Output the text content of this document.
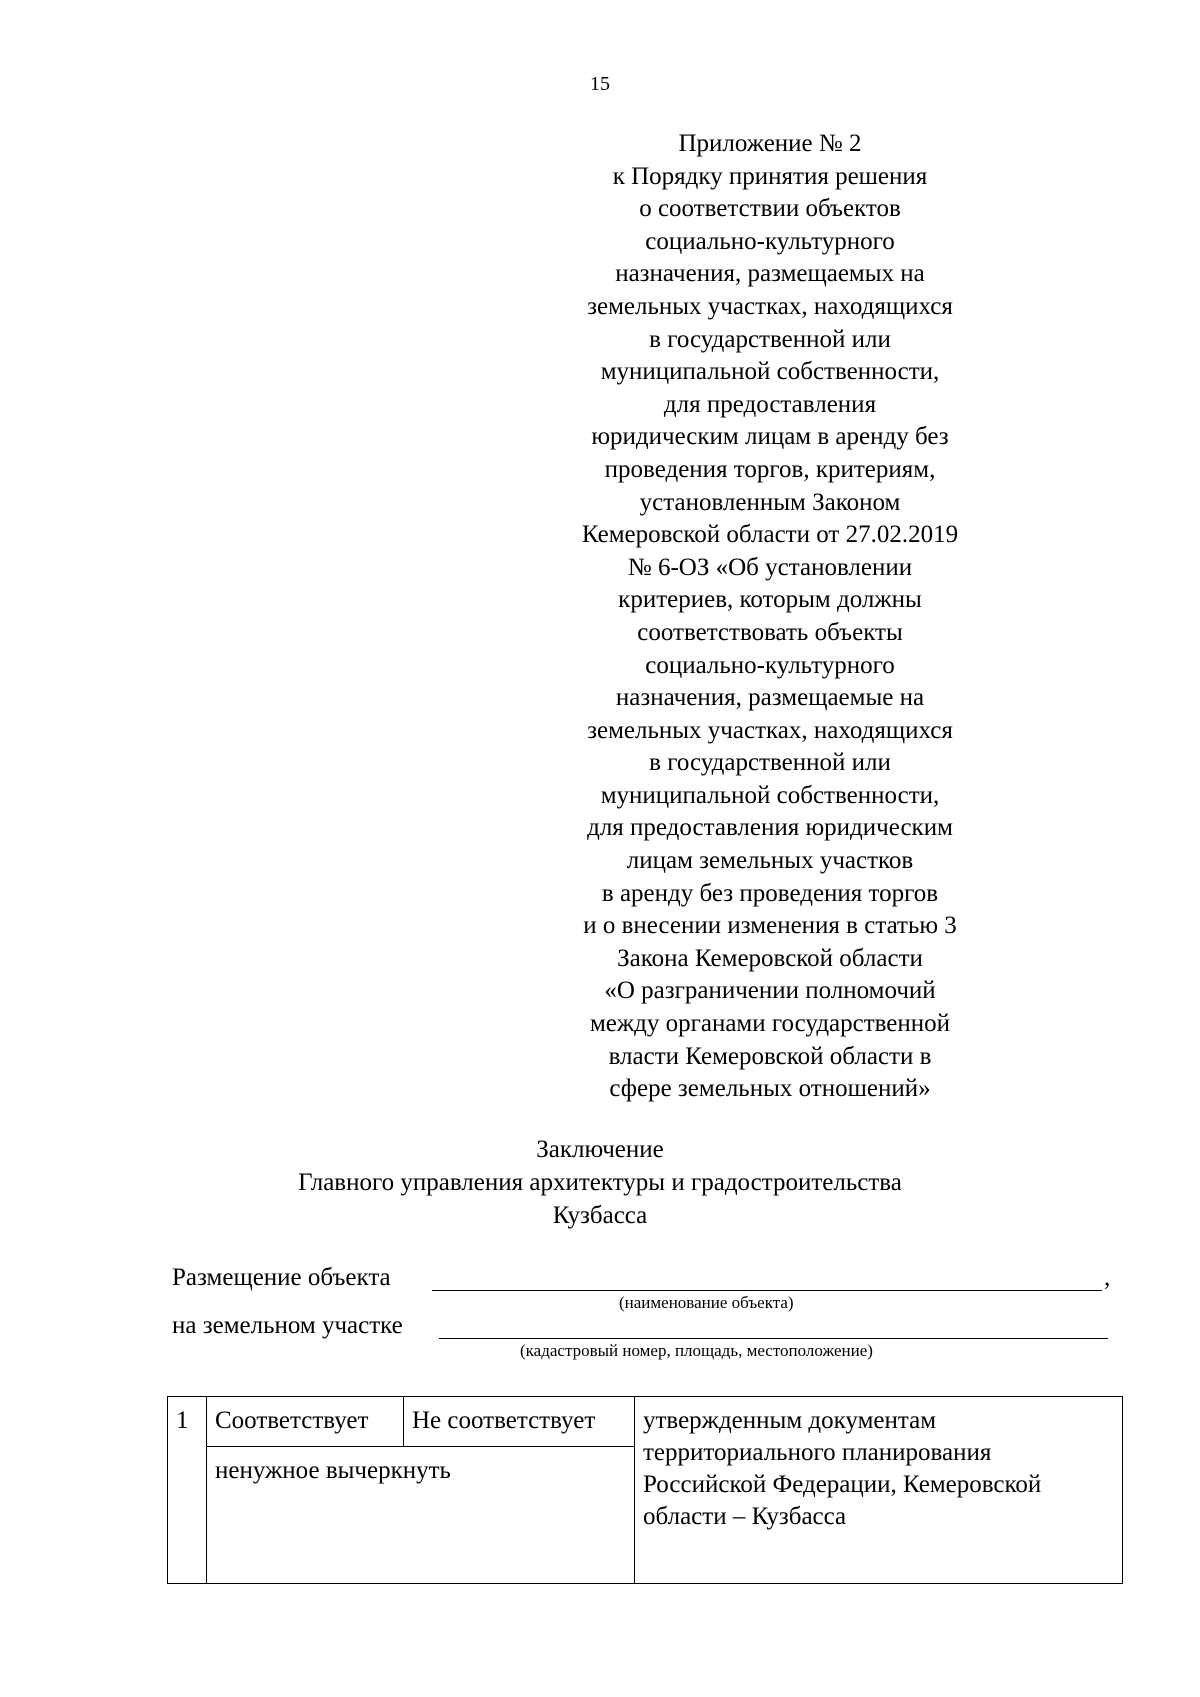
15
Приложение № 2
к Порядку принятия решения
о соответствии объектов
социально-культурного
назначения, размещаемых на
земельных участках, находящихся
в государственной или
муниципальной собственности,
для предоставления
юридическим лицам в аренду без
проведения торгов, критериям,
установленным Законом
Кемеровской области от 27.02.2019
№ 6-ОЗ «Об установлении
критериев, которым должны
соответствовать объекты
социально-культурного
назначения, размещаемые на
земельных участках, находящихся
в государственной или
муниципальной собственности,
для предоставления юридическим
лицам земельных участков
в аренду без проведения торгов
и о внесении изменения в статью 3
Закона Кемеровской области
«О разграничении полномочий
между органами государственной
власти Кемеровской области в
сфере земельных отношений»
Заключение
Главного управления архитектуры и градостроительства
Кузбасса
Размещение объекта	,
(наименование объекта)
на земельном участке
(кадастровый номер, площадь, местоположение)
1	Соответствует	Не соответствует	утвержденным документам
территориального планирования
Российской Федерации, Кемеровской
области – Кузбасса

ненужное вычеркнуть
